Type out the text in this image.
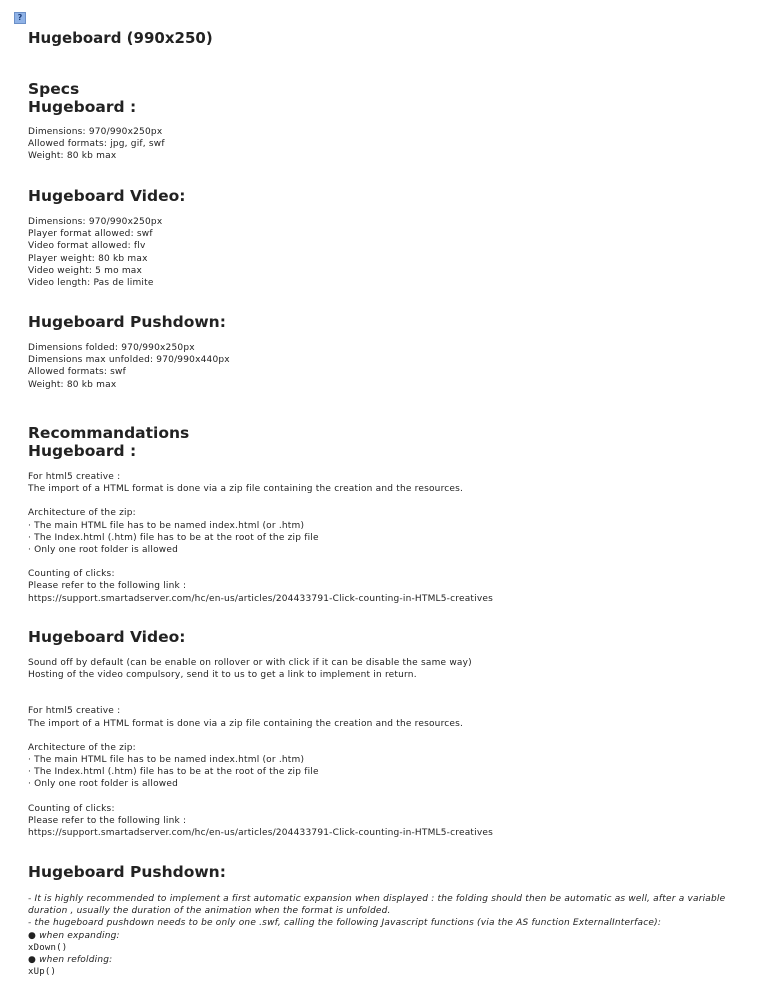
?
Hugeboard (990x250)
Specs
Hugeboard :

Dimensions: 970/990x250px

Allowed formats: jpg, gif, swf

Weight: 80 kb max

Hugeboard Video:

Dimensions: 970/990x250px

Player format allowed: swf

Video format allowed: flv

Player weight: 80 kb max

Video weight: 5 mo max

Video length: Pas de limite

Hugeboard Pushdown:

Dimensions folded: 970/990x250px

Dimensions max unfolded: 970/990x440px

Allowed formats: swf

Weight: 80 kb max

Recommandations
Hugeboard :

For html5 creative :

The import of a HTML format is done via a zip file containing the creation and the resources.

Architecture of the zip:

· The main HTML file has to be named index.html (or .htm)

· The Index.html (.htm) file has to be at the root of the zip file

· Only one root folder is allowed

Counting of clicks:

Please refer to the following link :

https://support.smartadserver.com/hc/en-us/articles/204433791-Click-counting-in-HTML5-creatives

Hugeboard Video:

Sound off by default (can be enable on rollover or with click if it can be disable the same way)

Hosting of the video compulsory, send it to us to get a link to implement in return.

For html5 creative :

The import of a HTML format is done via a zip file containing the creation and the resources.

Architecture of the zip:

· The main HTML file has to be named index.html (or .htm)

· The Index.html (.htm) file has to be at the root of the zip file

· Only one root folder is allowed

Counting of clicks:

Please refer to the following link :

https://support.smartadserver.com/hc/en-us/articles/204433791-Click-counting-in-HTML5-creatives

Hugeboard Pushdown:

- It is highly recommended to implement a first automatic expansion when displayed : the folding should then be automatic as well, after a variable

duration , usually the duration of the animation when the format is unfolded.

- the hugeboard pushdown needs to be only one .swf, calling the following Javascript functions (via the AS function ExternalInterface):

● when expanding:

xDown()

● when refolding:

xUp()
